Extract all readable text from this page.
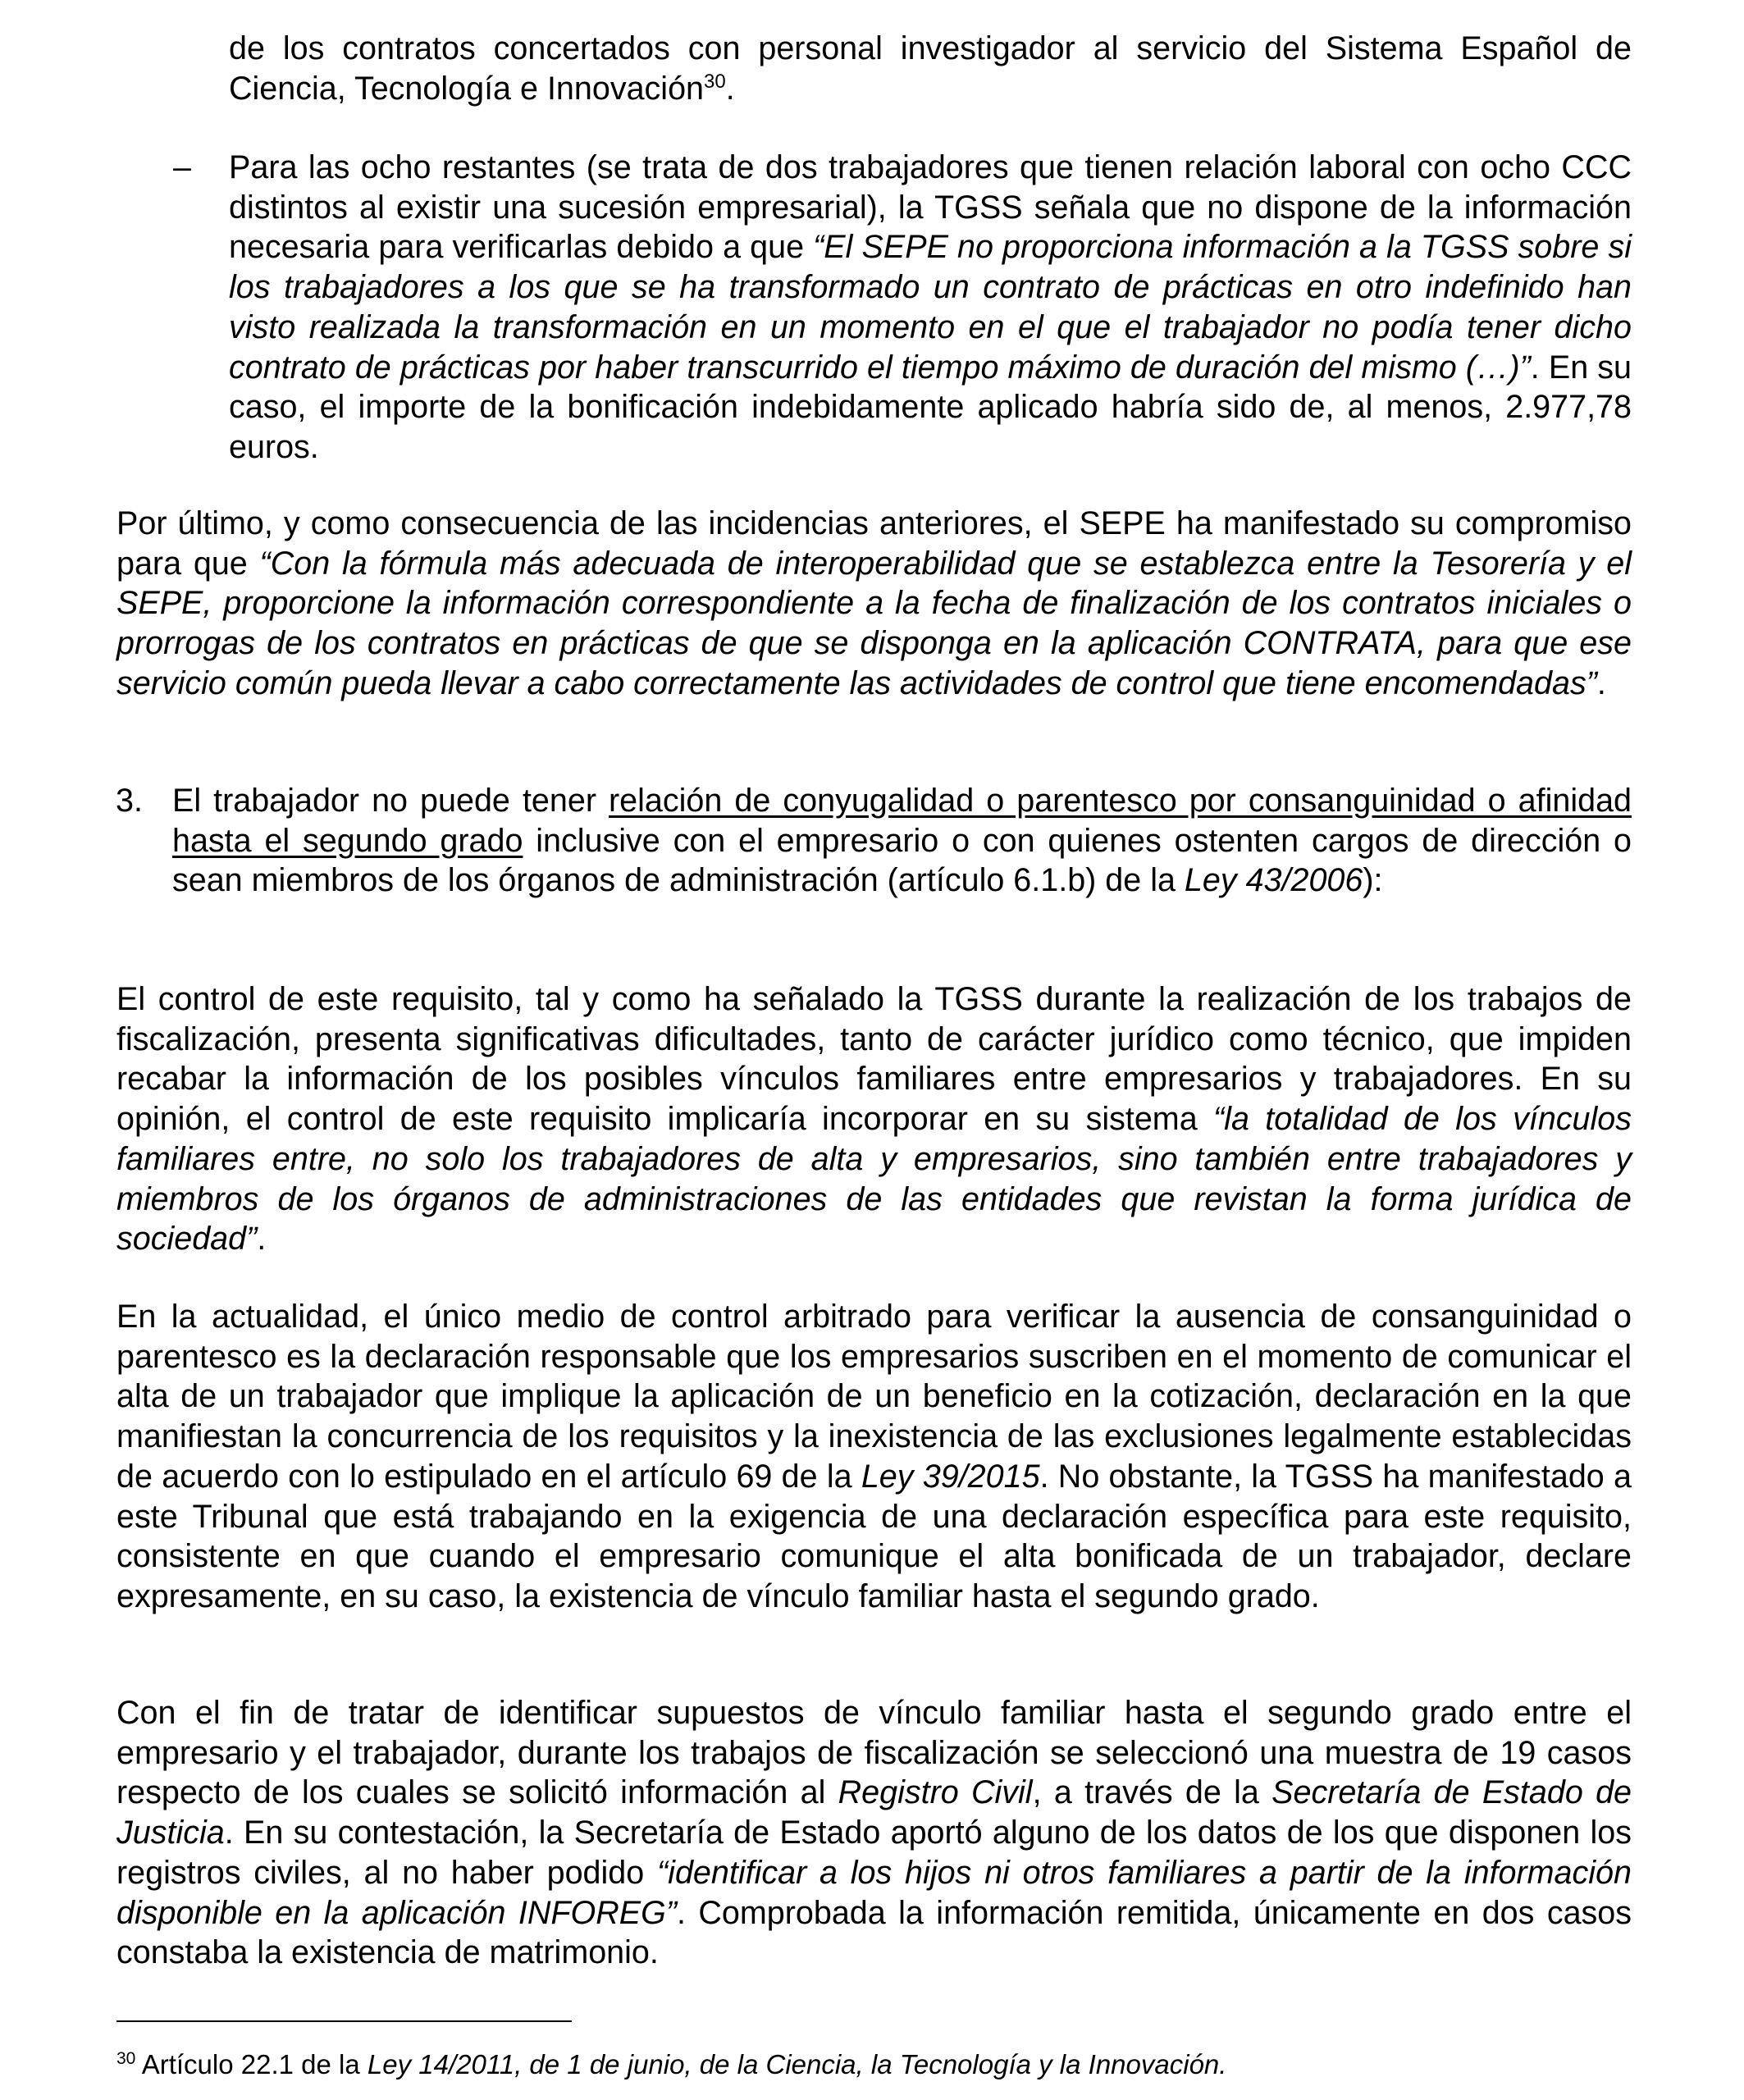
de los contratos concertados con personal investigador al servicio del Sistema Español de Ciencia, Tecnología e Innovación$^{30}$.
– Para las ocho restantes (se trata de dos trabajadores que tienen relación laboral con ocho CCC distintos al existir una sucesión empresarial), la TGSS señala que no dispone de la información necesaria para verificarlas debido a que “El SEPE no proporciona información a la TGSS sobre si los trabajadores a los que se ha transformado un contrato de prácticas en otro indefinido han visto realizada la transformación en un momento en el que el trabajador no podía tener dicho contrato de prácticas por haber transcurrido el tiempo máximo de duración del mismo (…)”. En su caso, el importe de la bonificación indebidamente aplicado habría sido de, al menos, 2.977,78 euros.
Por último, y como consecuencia de las incidencias anteriores, el SEPE ha manifestado su compromiso para que “Con la fórmula más adecuada de interoperabilidad que se establezca entre la Tesorería y el SEPE, proporcione la información correspondiente a la fecha de finalización de los contratos iniciales o prorrogas de los contratos en prácticas de que se disponga en la aplicación CONTRATA, para que ese servicio común pueda llevar a cabo correctamente las actividades de control que tiene encomendadas”.
3. El trabajador no puede tener relación de conyugalidad o parentesco por consanguinidad o afinidad hasta el segundo grado inclusive con el empresario o con quienes ostenten cargos de dirección o sean miembros de los órganos de administración (artículo 6.1.b) de la Ley 43/2006):
El control de este requisito, tal y como ha señalado la TGSS durante la realización de los trabajos de fiscalización, presenta significativas dificultades, tanto de carácter jurídico como técnico, que impiden recabar la información de los posibles vínculos familiares entre empresarios y trabajadores. En su opinión, el control de este requisito implicaría incorporar en su sistema “la totalidad de los vínculos familiares entre, no solo los trabajadores de alta y empresarios, sino también entre trabajadores y miembros de los órganos de administraciones de las entidades que revistan la forma jurídica de sociedad”.
En la actualidad, el único medio de control arbitrado para verificar la ausencia de consanguinidad o parentesco es la declaración responsable que los empresarios suscriben en el momento de comunicar el alta de un trabajador que implique la aplicación de un beneficio en la cotización, declaración en la que manifiestan la concurrencia de los requisitos y la inexistencia de las exclusiones legalmente establecidas de acuerdo con lo estipulado en el artículo 69 de la Ley 39/2015. No obstante, la TGSS ha manifestado a este Tribunal que está trabajando en la exigencia de una declaración específica para este requisito, consistente en que cuando el empresario comunique el alta bonificada de un trabajador, declare expresamente, en su caso, la existencia de vínculo familiar hasta el segundo grado.
Con el fin de tratar de identificar supuestos de vínculo familiar hasta el segundo grado entre el empresario y el trabajador, durante los trabajos de fiscalización se seleccionó una muestra de 19 casos respecto de los cuales se solicitó información al Registro Civil, a través de la Secretaría de Estado de Justicia. En su contestación, la Secretaría de Estado aportó alguno de los datos de los que disponen los registros civiles, al no haber podido “identificar a los hijos ni otros familiares a partir de la información disponible en la aplicación INFOREG”. Comprobada la información remitida, únicamente en dos casos constaba la existencia de matrimonio.
$^{30}$ Artículo 22.1 de la Ley 14/2011, de 1 de junio, de la Ciencia, la Tecnología y la Innovación.
